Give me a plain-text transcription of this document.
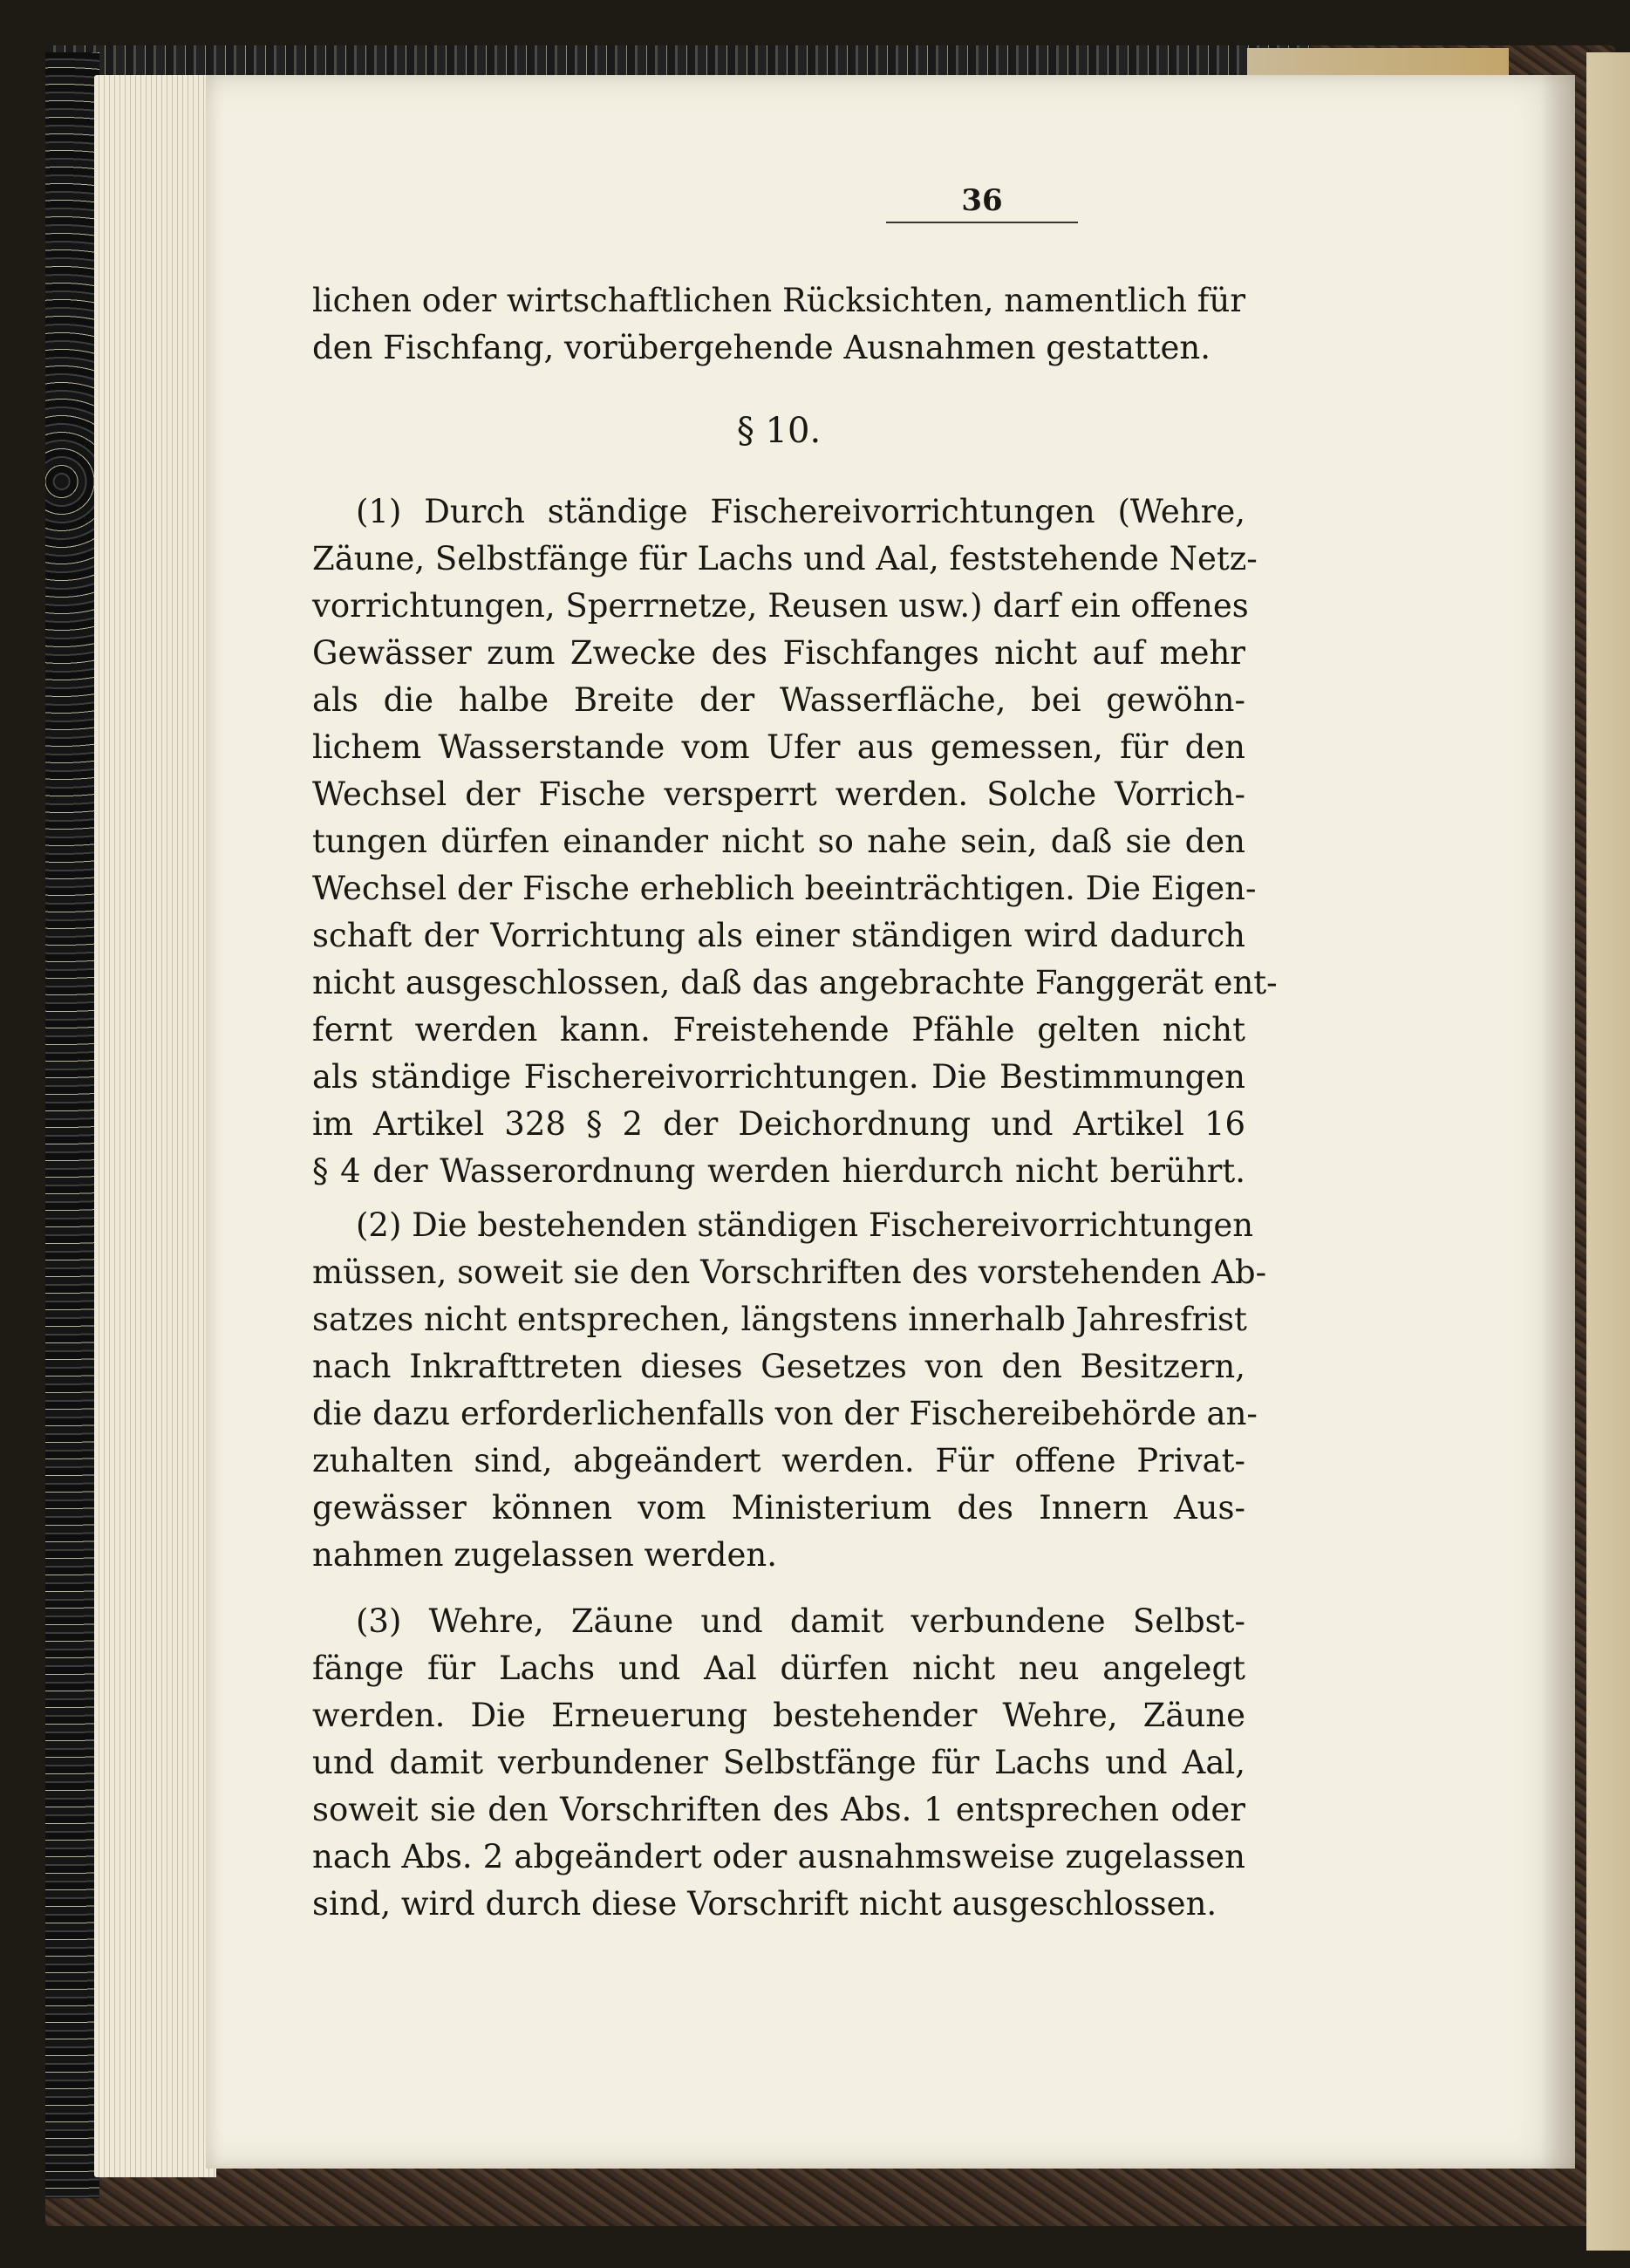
36
lichen oder wirtschaftlichen Rücksichten, namentlich für
den Fischfang, vorübergehende Ausnahmen gestatten.
§ 10.
(1) Durch ständige Fischereivorrichtungen (Wehre,
Zäune, Selbstfänge für Lachs und Aal, feststehende Netz-
vorrichtungen, Sperrnetze, Reusen usw.) darf ein offenes
Gewässer zum Zwecke des Fischfanges nicht auf mehr
als die halbe Breite der Wasserfläche, bei gewöhn-
lichem Wasserstande vom Ufer aus gemessen, für den
Wechsel der Fische versperrt werden. Solche Vorrich-
tungen dürfen einander nicht so nahe sein, daß sie den
Wechsel der Fische erheblich beeinträchtigen. Die Eigen-
schaft der Vorrichtung als einer ständigen wird dadurch
nicht ausgeschlossen, daß das angebrachte Fanggerät ent-
fernt werden kann. Freistehende Pfähle gelten nicht
als ständige Fischereivorrichtungen. Die Bestimmungen
im Artikel 328 § 2 der Deichordnung und Artikel 16
§ 4 der Wasserordnung werden hierdurch nicht berührt.
(2) Die bestehenden ständigen Fischereivorrichtungen
müssen, soweit sie den Vorschriften des vorstehenden Ab-
satzes nicht entsprechen, längstens innerhalb Jahresfrist
nach Inkrafttreten dieses Gesetzes von den Besitzern,
die dazu erforderlichenfalls von der Fischereibehörde an-
zuhalten sind, abgeändert werden. Für offene Privat-
gewässer können vom Ministerium des Innern Aus-
nahmen zugelassen werden.
(3) Wehre, Zäune und damit verbundene Selbst-
fänge für Lachs und Aal dürfen nicht neu angelegt
werden. Die Erneuerung bestehender Wehre, Zäune
und damit verbundener Selbstfänge für Lachs und Aal,
soweit sie den Vorschriften des Abs. 1 entsprechen oder
nach Abs. 2 abgeändert oder ausnahmsweise zugelassen
sind, wird durch diese Vorschrift nicht ausgeschlossen.
